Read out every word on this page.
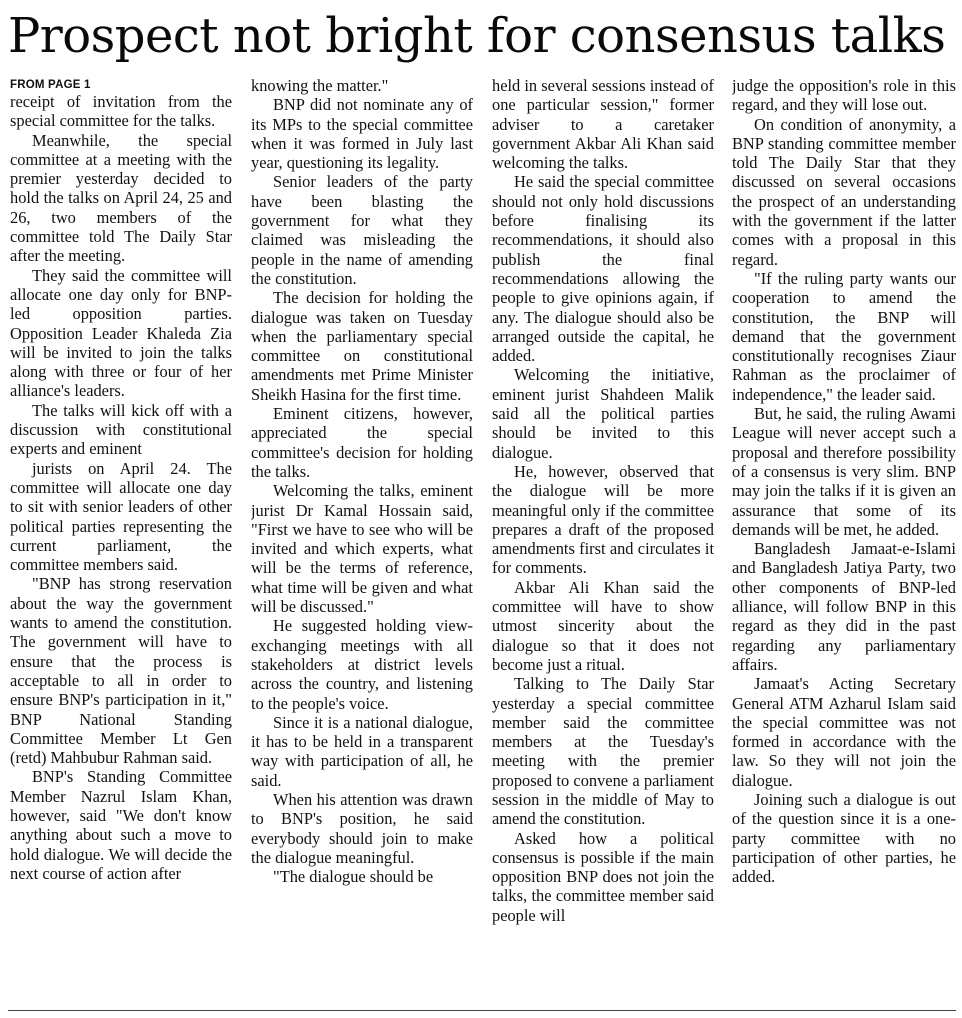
Prospect not bright for consensus talks
FROM PAGE 1

receipt of invitation from the special committee for the talks.

Meanwhile, the special committee at a meeting with the premier yesterday decided to hold the talks on April 24, 25 and 26, two members of the committee told The Daily Star after the meeting.

They said the committee will allocate one day only for BNP-led opposition parties. Opposition Leader Khaleda Zia will be invited to join the talks along with three or four of her alliance's leaders.

The talks will kick off with a discussion with constitutional experts and eminent

jurists on April 24. The committee will allocate one day to sit with senior leaders of other political parties representing the current parliament, the committee members said.

"BNP has strong reservation about the way the government wants to amend the constitution. The government will have to ensure that the process is acceptable to all in order to ensure BNP's participation in it," BNP National Standing Committee Member Lt Gen (retd) Mahbubur Rahman said.

BNP's Standing Committee Member Nazrul Islam Khan, however, said "We don't know anything about such a move to hold dialogue. We will decide the next course of action after

knowing the matter."

BNP did not nominate any of its MPs to the special committee when it was formed in July last year, questioning its legality.

Senior leaders of the party have been blasting the government for what they claimed was misleading the people in the name of amending the constitution.

The decision for holding the dialogue was taken on Tuesday when the parliamentary special committee on constitutional amendments met Prime Minister Sheikh Hasina for the first time.

Eminent citizens, however, appreciated the special committee's decision for holding the talks.

Welcoming the talks, eminent jurist Dr Kamal Hossain said, "First we have to see who will be invited and which experts, what will be the terms of reference, what time will be given and what will be discussed."

He suggested holding view-exchanging meetings with all stakeholders at district levels across the country, and listening to the people's voice.

Since it is a national dialogue, it has to be held in a transparent way with participation of all, he said.

When his attention was drawn to BNP's position, he said everybody should join to make the dialogue meaningful.

"The dialogue should be

held in several sessions instead of one particular session," former adviser to a caretaker government Akbar Ali Khan said welcoming the talks.

He said the special committee should not only hold discussions before finalising its recommendations, it should also publish the final recommendations allowing the people to give opinions again, if any. The dialogue should also be arranged outside the capital, he added.

Welcoming the initiative, eminent jurist Shahdeen Malik said all the political parties should be invited to this dialogue.

He, however, observed that the dialogue will be more meaningful only if the committee prepares a draft of the proposed amendments first and circulates it for comments.

Akbar Ali Khan said the committee will have to show utmost sincerity about the dialogue so that it does not become just a ritual.

Talking to The Daily Star yesterday a special committee member said the committee members at the Tuesday's meeting with the premier proposed to convene a parliament session in the middle of May to amend the constitution.

Asked how a political consensus is possible if the main opposition BNP does not join the talks, the committee member said people will

judge the opposition's role in this regard, and they will lose out.

On condition of anonymity, a BNP standing committee member told The Daily Star that they discussed on several occasions the prospect of an understanding with the government if the latter comes with a proposal in this regard.

"If the ruling party wants our cooperation to amend the constitution, the BNP will demand that the government constitutionally recognises Ziaur Rahman as the proclaimer of independence," the leader said.

But, he said, the ruling Awami League will never accept such a proposal and therefore possibility of a consensus is very slim. BNP may join the talks if it is given an assurance that some of its demands will be met, he added.

Bangladesh Jamaat-e-Islami and Bangladesh Jatiya Party, two other components of BNP-led alliance, will follow BNP in this regard as they did in the past regarding any parliamentary affairs.

Jamaat's Acting Secretary General ATM Azharul Islam said the special committee was not formed in accordance with the law. So they will not join the dialogue.

Joining such a dialogue is out of the question since it is a one-party committee with no participation of other parties, he added.
